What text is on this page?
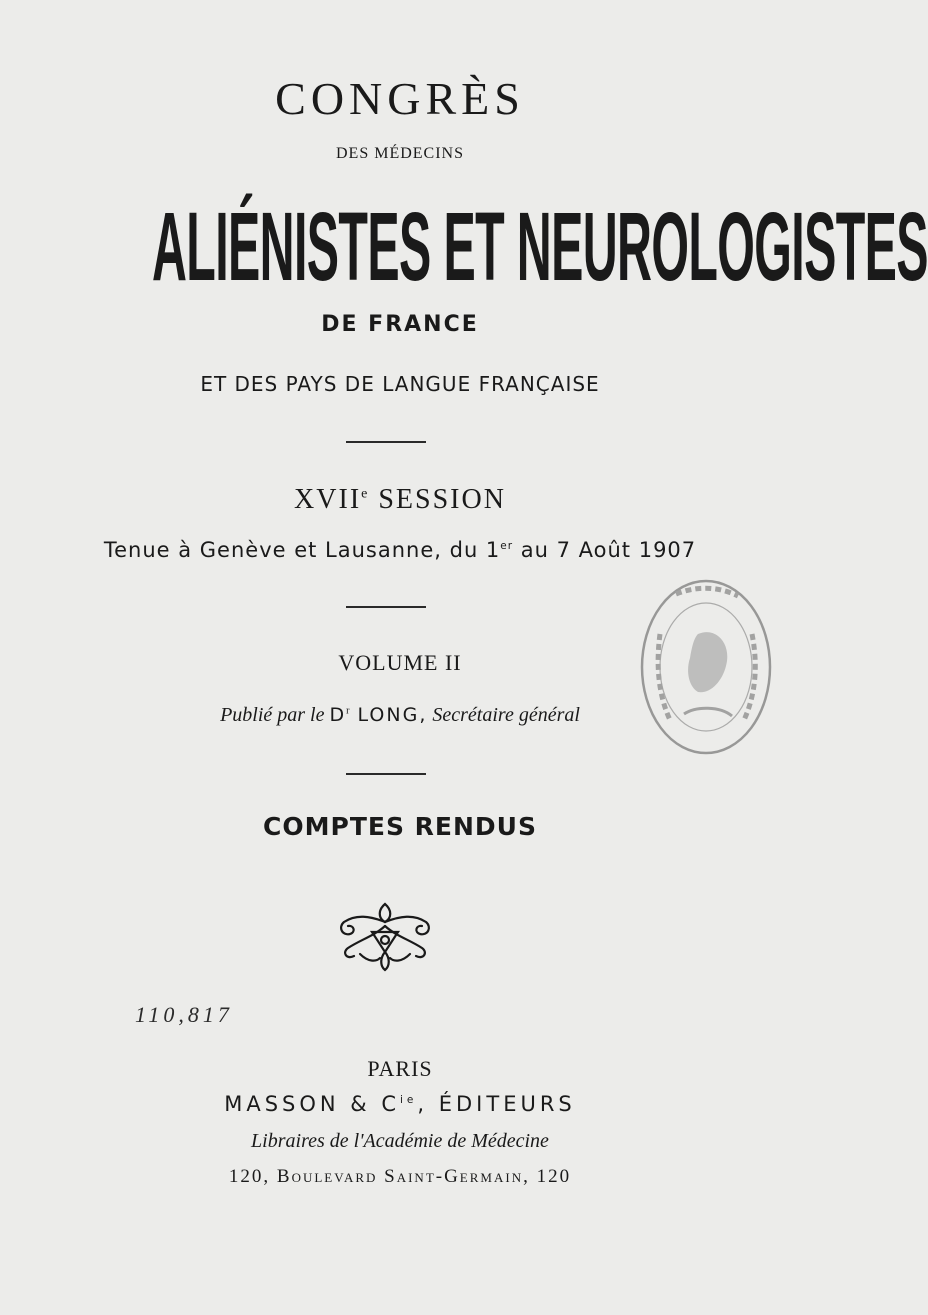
CONGRÈS
DES MÉDECINS
ALIÉNISTES ET NEUROLOGISTES
DE FRANCE
ET DES PAYS DE LANGUE FRANÇAISE
XVIIe SESSION
Tenue à Genève et Lausanne, du 1er au 7 Août 1907
VOLUME II
Publié par le $D^r$ LONG, Secrétaire général
COMPTES RENDUS
110,817
PARIS
MASSON & $C^{ie}$, ÉDITEURS
Libraires de l'Académie de Médecine
120, Boulevard Saint-Germain, 120
